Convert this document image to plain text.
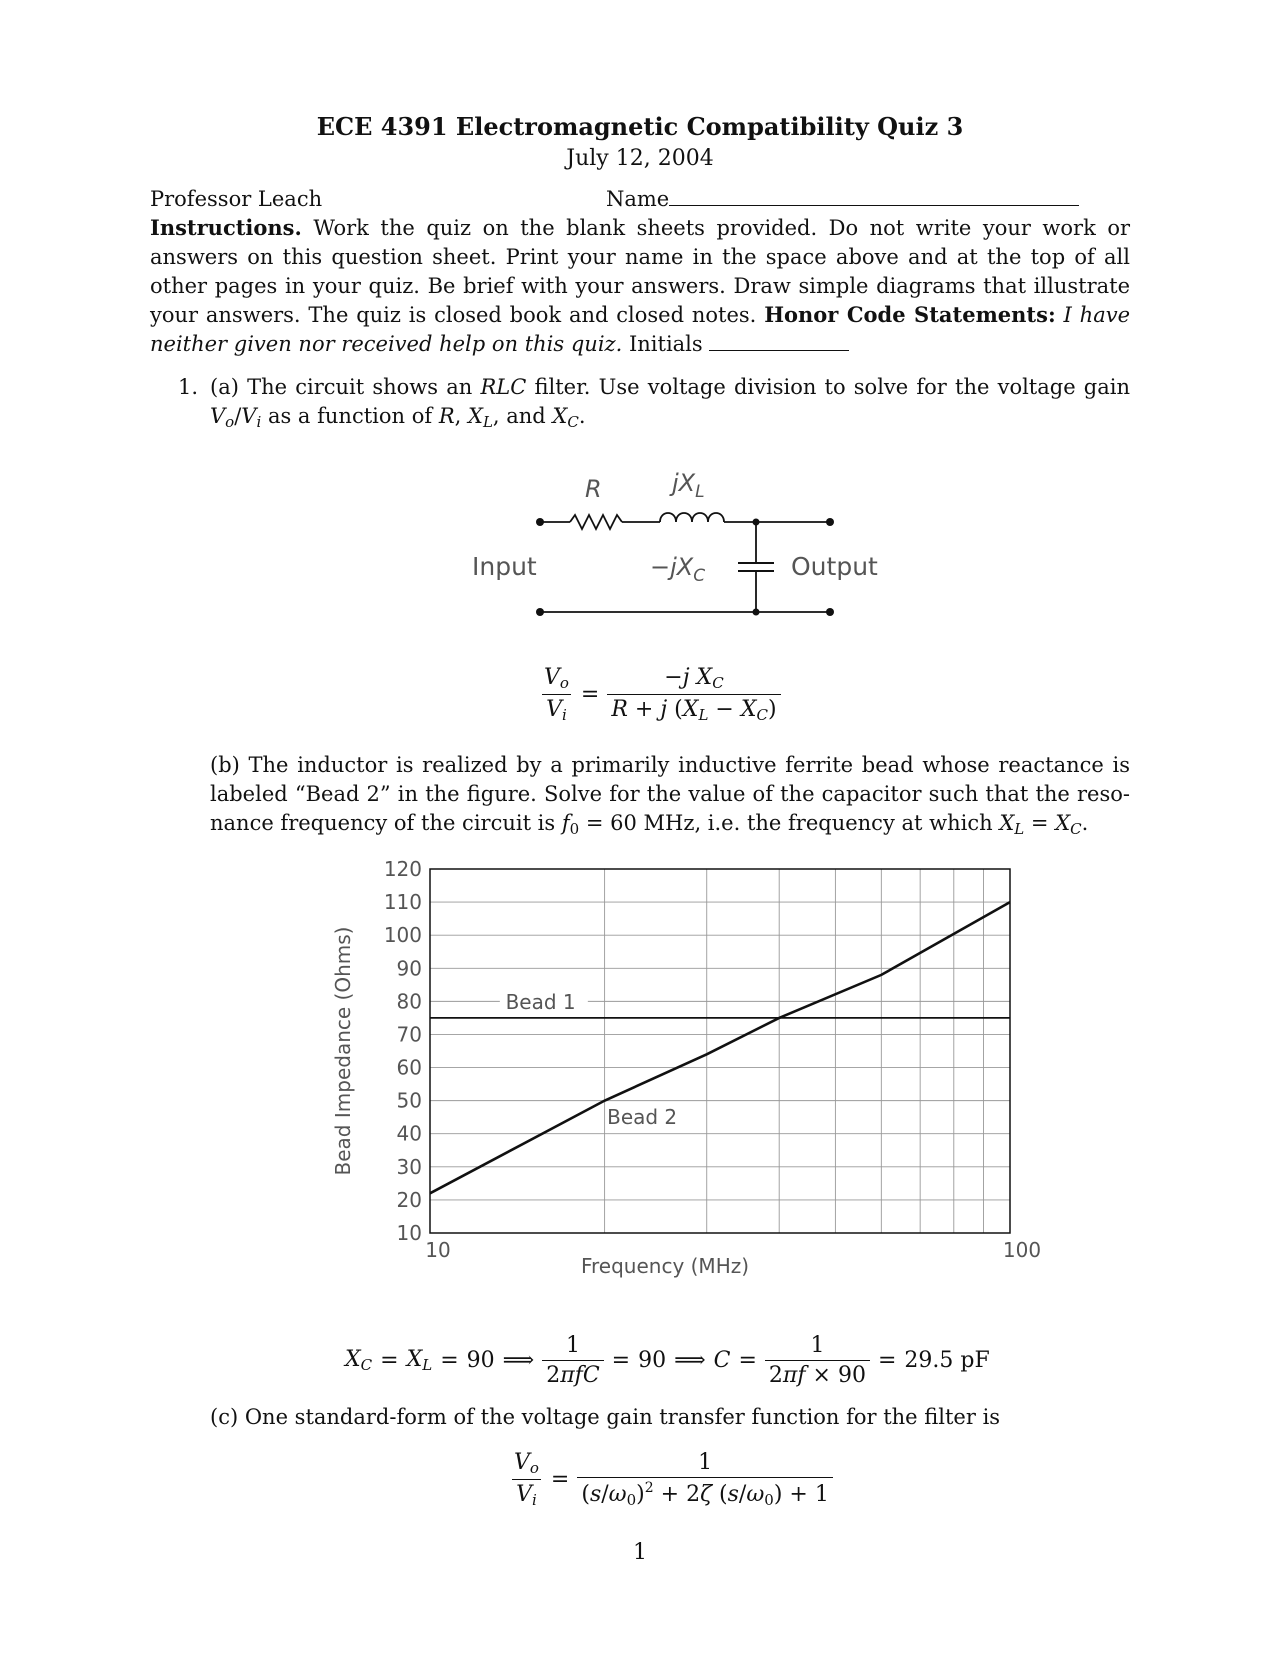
ECE 4391 Electromagnetic Compatibility Quiz 3
July 12, 2004
Professor Leach	Name
Instructions. Work the quiz on the blank sheets provided. Do not write your work or
answers on this question sheet. Print your name in the space above and at the top of all
other pages in your quiz. Be brief with your answers. Draw simple diagrams that illustrate
your answers. The quiz is closed book and closed notes. Honor Code Statements: I have
neither given nor received help on this quiz. Initials
1. (a) The circuit shows an RLC filter. Use voltage division to solve for the voltage gain
$V_o/V_i$ as a function of R, $X_L$, and $X_C$.
R	$jX_L$
$-jX_C$
Input	Output
$\frac{V_o}{V_i} = \frac{-j X_C}{R + j (X_L - X_C)}$
(b) The inductor is realized by a primarily inductive ferrite bead whose reactance is
labeled “Bead 2” in the figure. Solve for the value of the capacitor such that the reso-
nance frequency of the circuit is $f_0 = 60$ MHz, i.e. the frequency at which $X_L = X_C$.
10
20
30
40
50
60
70
80
90
100
110
120
10	100
Bead Impedance (Ohms)
Frequency (MHz)
Bead 1
Bead 2
$X_C = X_L = 90$ ⟹ $\frac{1}{\text{2πfC}} = 90$ ⟹ $C = \frac{1}{2\pi f \times 90} = 29.5$ pF
(c) One standard-form of the voltage gain transfer function for the filter is
$\frac{V_o}{V_i} = \frac{1}{(s/\omega_0)^2 + 2\zeta (s/\omega_0) + 1}$
1
